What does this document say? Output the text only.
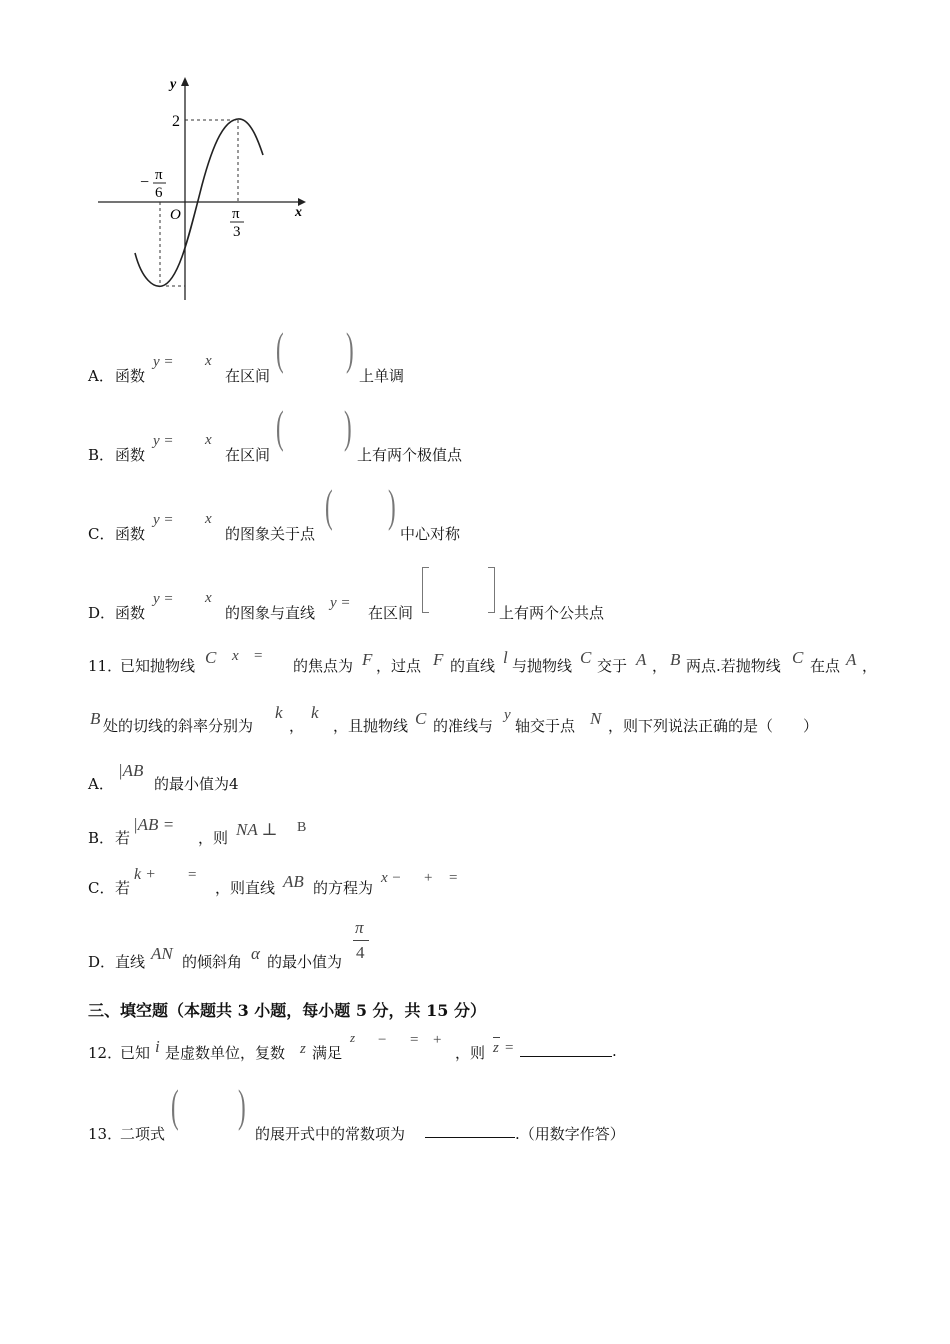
y
x
O
2
− π
6
π
3
A． 函数
y = x
在区间
( )
上单调
B． 函数
y = x
在区间
( )
上有两个极值点
C． 函数
y = x
的图象关于点
( )
中心对称
D． 函数
y = x
的图象与直线
y =
在区间	上有两个公共点
11．
已知抛物线 C x =
的焦点为 F ，过点 F 的直线 l 与抛物线 C 交于 A ， B 两点.若抛物线 C 在点 A ，
B 处的切线的斜率分别为
k
，
k
，且抛物线 C 的准线与
y
轴交于点 N ，则下列说法正确的是（　　）
A．
|AB
的最小值为4
B． 若
|AB =
，则 NA ⊥ B
C． 若
k + =
，则直线 AB 的方程为
x − + =
D． 直线 AN 的倾斜角 α 的最小值为
π
4
三、填空题（本题共 3 小题，每小题 5 分，共 15 分）
12．
已知 i 是虚数单位，复数 z 满足
z − = +
，则 z =	.
13．
二项式
( )
的展开式中的常数项为	.（用数字作答）
